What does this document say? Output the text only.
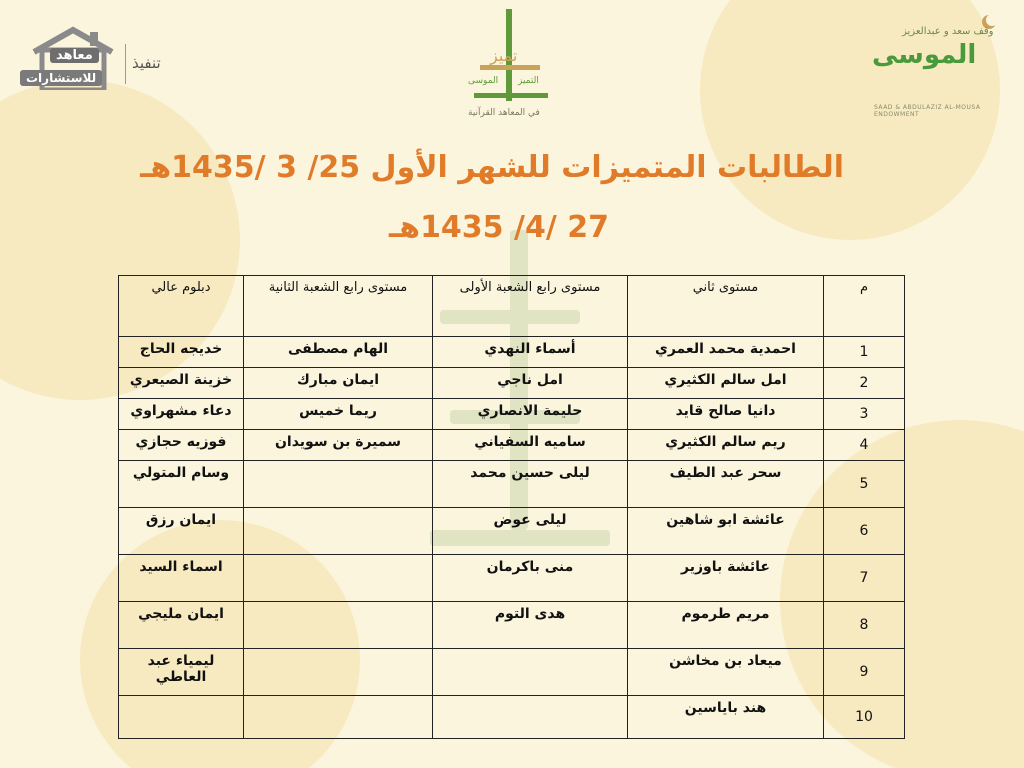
معاهد
للاستشارات
تنفيذ	تميز
الموسى التميز
في المعاهد القرآنية
وقف سعد و عبدالعزيز
الموسى
SAAD & ABDULAZIZ AL-MOUSA ENDOWMENT
الطالبات المتميزات للشهر الأول 25/ 3 /1435هـ
27 /4/ 1435هـ
م	مستوى ثاني	مستوى رابع الشعبة الأولى	مستوى رابع الشعبة الثانية	دبلوم عالي
1	احمدية محمد العمري	أسماء النهدي	الهام مصطفى	خديجه الحاج
2	امل سالم الكثيري	امل ناجي	ايمان مبارك	خزينة الصيعري
3	دانيا صالح قايد	حليمة الانصاري	ريما خميس	دعاء مشهراوي
4	ريم سالم الكثيري	ساميه السفياني	سميرة بن سويدان	فوزيه حجازي
5	سحر عبد الطيف	ليلى حسين محمد		وسام المتولي
6	عائشة ابو شاهين	ليلى عوض		ايمان رزق
7	عائشة باوزير	منى باكرمان		اسماء السيد
8	مريم طرموم	هدى التوم		ايمان مليجي
9	ميعاد بن مخاشن			ليمياء عبد العاطي
10	هند باياسين			
